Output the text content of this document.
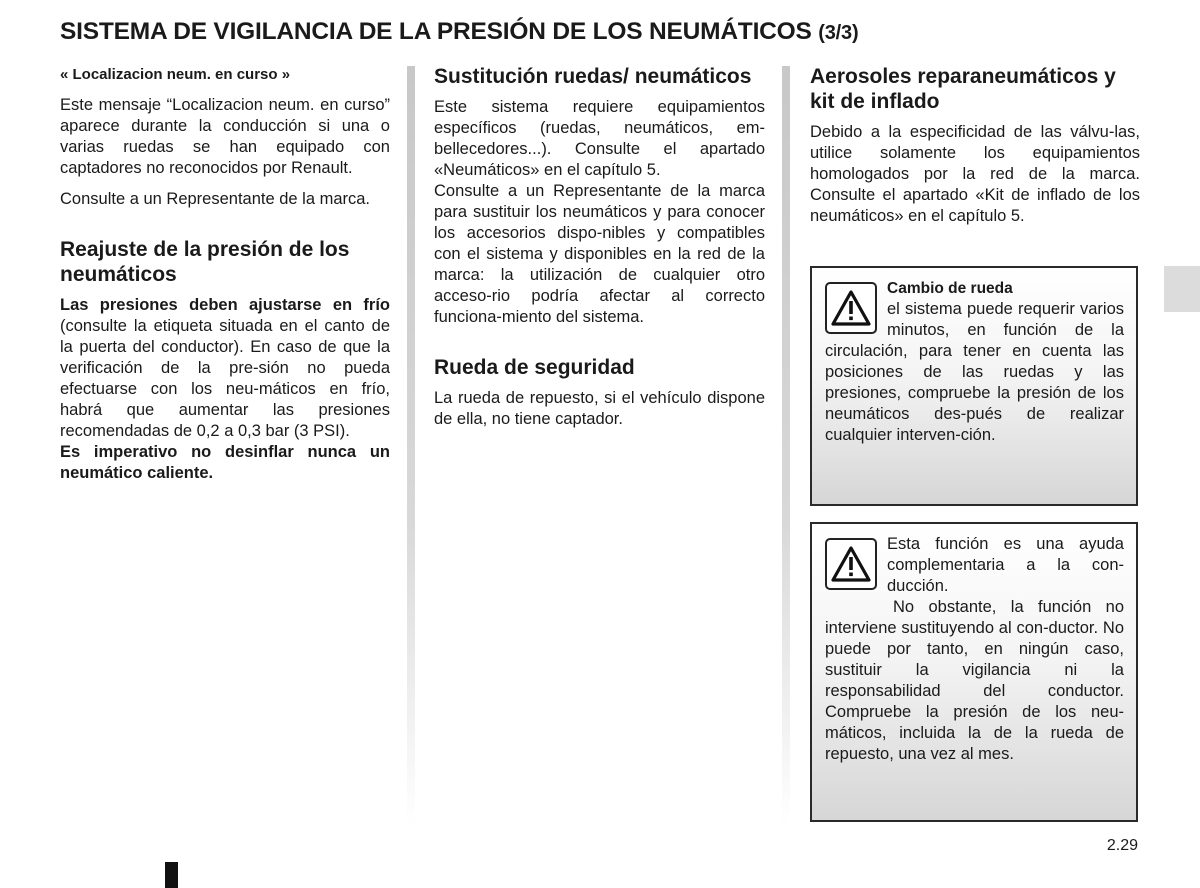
SISTEMA DE VIGILANCIA DE LA PRESIÓN DE LOS NEUMÁTICOS (3/3)
« Localizacion neum. en curso »

Este mensaje “Localizacion neum. en curso” aparece durante la conducción si una o varias ruedas se han equipado con captadores no reconocidos por Renault.

Consulte a un Representante de la marca.

Reajuste de la presión de los neumáticos

Las presiones deben ajustarse en frío (consulte la etiqueta situada en el canto de la puerta del conductor). En caso de que la verificación de la pre-sión no pueda efectuarse con los neu-máticos en frío, habrá que aumentar las presiones recomendadas de 0,2 a 0,3 bar (3 PSI).

Es imperativo no desinflar nunca un neumático caliente.

Sustitución ruedas/ neumáticos

Este sistema requiere equipamientos específicos (ruedas, neumáticos, em-bellecedores...). Consulte el apartado «Neumáticos» en el capítulo 5.

Consulte a un Representante de la marca para sustituir los neumáticos y para conocer los accesorios dispo-nibles y compatibles con el sistema y disponibles en la red de la marca: la utilización de cualquier otro acceso-rio podría afectar al correcto funciona-miento del sistema.

Rueda de seguridad

La rueda de repuesto, si el vehículo dispone de ella, no tiene captador.

Aerosoles reparaneumáticos y kit de inflado

Debido a la especificidad de las válvu-las, utilice solamente los equipamientos homologados por la red de la marca. Consulte el apartado «Kit de inflado de los neumáticos» en el capítulo 5.

Cambio de rueda

el sistema puede requerir varios minutos, en función de la circulación, para tener en cuenta las posiciones de las ruedas y las presiones, compruebe la presión de los neumáticos des-pués de realizar cualquier interven-ción.

Esta función es una ayuda complementaria a la con-ducción.

No obstante, la función no interviene sustituyendo al con-ductor. No puede por tanto, en ningún caso, sustituir la vigilancia ni la responsabilidad del conductor. Compruebe la presión de los neu-máticos, incluida la de la rueda de repuesto, una vez al mes.

2.29
